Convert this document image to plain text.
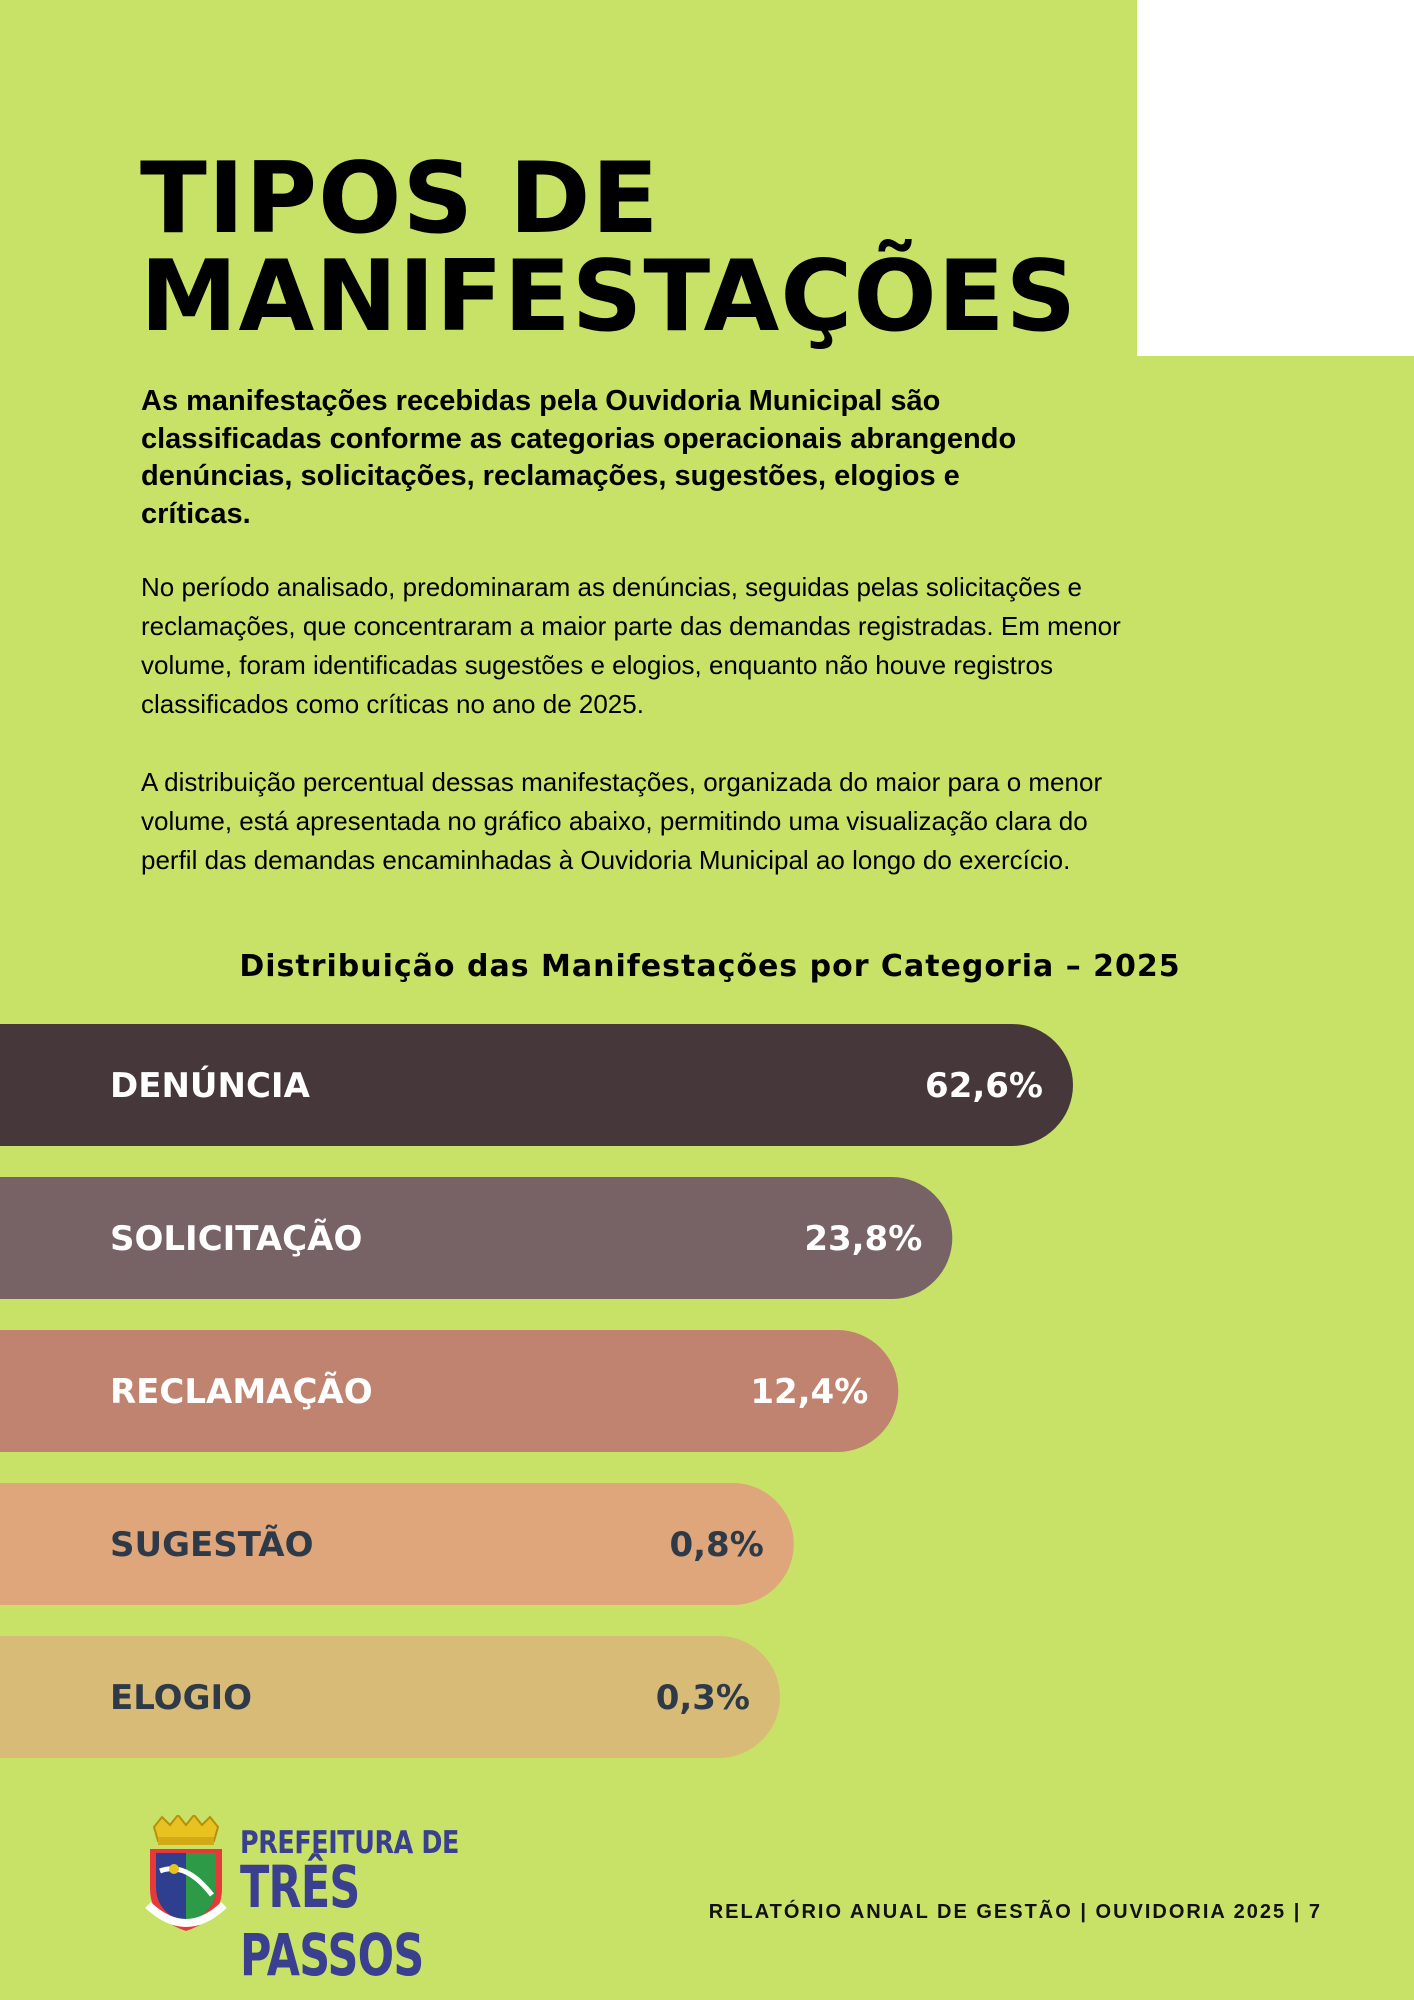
TIPOS DE
MANIFESTAÇÕES

As manifestações recebidas pela Ouvidoria Municipal são classificadas conforme as categorias operacionais abrangendo denúncias, solicitações, reclamações, sugestões, elogios e críticas.

No período analisado, predominaram as denúncias, seguidas pelas solicitações e reclamações, que concentraram a maior parte das demandas registradas. Em menor volume, foram identificadas sugestões e elogios, enquanto não houve registros classificados como críticas no ano de 2025.

A distribuição percentual dessas manifestações, organizada do maior para o menor volume, está apresentada no gráfico abaixo, permitindo uma visualização clara do perfil das demandas encaminhadas à Ouvidoria Municipal ao longo do exercício.

Distribuição das Manifestações por Categoria – 2025
DENÚNCIA	62,6%
SOLICITAÇÃO	23,8%
RECLAMAÇÃO	12,4%
SUGESTÃO	0,8%
ELOGIO	0,3%
PREFEITURA DE
TRÊS PASSOS

RELATÓRIO ANUAL DE GESTÃO | OUVIDORIA 2025 | 7
